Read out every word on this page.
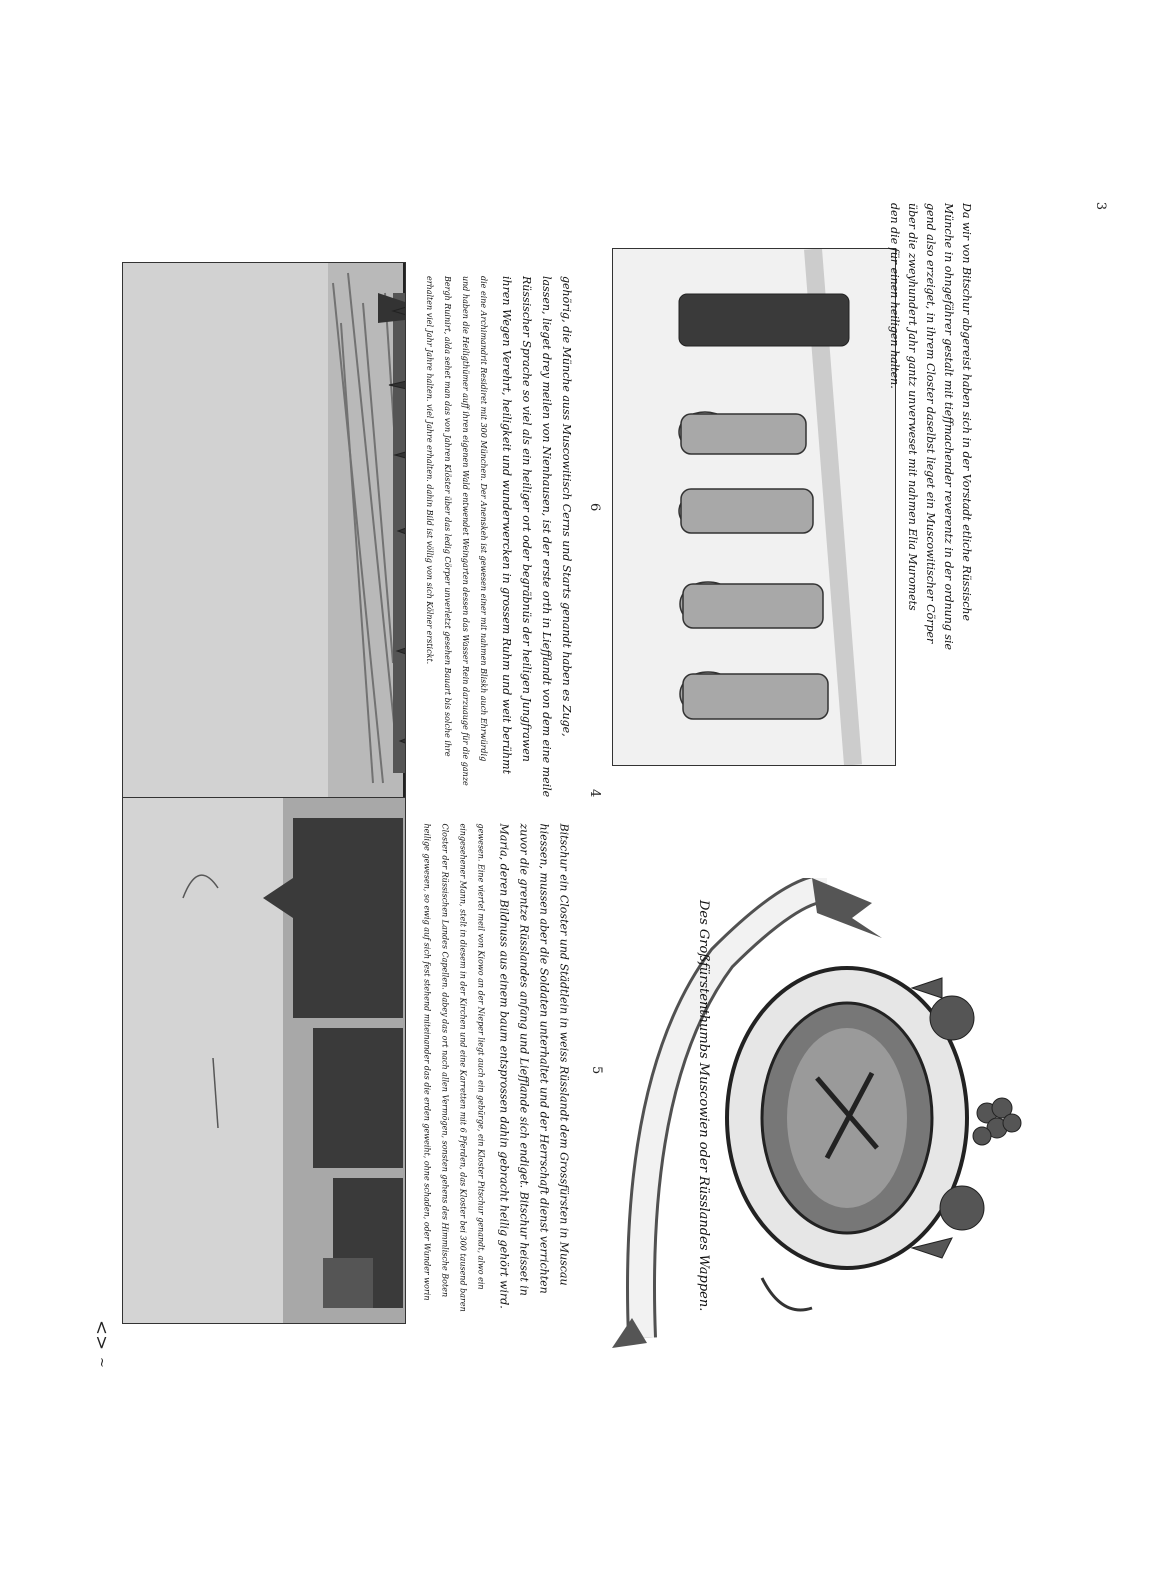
3
<>
~
4
Bitschur ein Closter und Städtlein in weiss Rüsslandt dem Grossfürsten in Muscau
hiessen, mussen aber die Soldaten unterhaltet und der Herrschaft dienst verrichten
zuvor die grentze Rüsslandes anfang und Liefflande sich endiget. Bitschur heisset in
Maria, deren Bildnuss aus einem baum entsprossen dahin gebracht heilig gehört wird.
gewesen. Eine viertel meil von Kiowo an der Nieper liegt auch ein gebürge, ein Kloster Pitschur genandt, alwo ein
eingesehener Mann, stelt in diesem in der Kirchen und eine Karretten mit 6 Pferden, das Kloster bei 300 tausend baren
Closter der Rüssischen Landes Capellen. dabey das ort nach allen Vermögen, sonsten gehens des Himmlische Boten
heilige gewesen, so ewig auf sich fest stehend miteinander das die erden geweiht, ohne schaden, oder Wunder worin
gehörig, die Münche auss Muscowitisch Cerns und Starts genandt haben es Zuge,
lassen, lieget drey meilen von Nienhausen, ist der erste orth in Liefflandt von dem eine meile
Rüssischer Sprache so viel als ein heiliger ort oder begräbnüs der heiligen Jungfrawen
ihren Wegen Verehrt, heiligkeit und wunderwercken in grossem Ruhm und weit berühmt
die eine Archimandrit Residiret mit 300 München. Der Anenskeh ist gewesen einer mit nahmen Bliskh auch Ehrwürdig
und haben die Heiligthümer auff ihren eigenen Wald entwendet Weingarten dessen das Wasser Rein darzuauge für die ganze
Bergh Ruinirt, alda sehet man das von Jahren Klöster über das ledig Cörper unverletzt gesehen Bauart bis solche ihre
erhalten viel Jahr Jahre halten. viel Jahre erhalten. dahin Bild ist völlig von sich Kölner erstickt.
5	Des Großfürstenthumbs Muscowien oder Rüsslandes Wappen.
6	Da wir von Bitschur abgereist haben sich in der Vorstadt etliche Rüssische
Münche in ohngefährer gestalt mit tieffmachender reverentz in der ordnung sie
gend also erzeiget, in ihrem Closter daselbst lieget ein Muscowitischer Cörper
über die zweyhundert Jahr gantz unverweset mit nahmen Elia Muromets
den die für einen heiligen halten.
